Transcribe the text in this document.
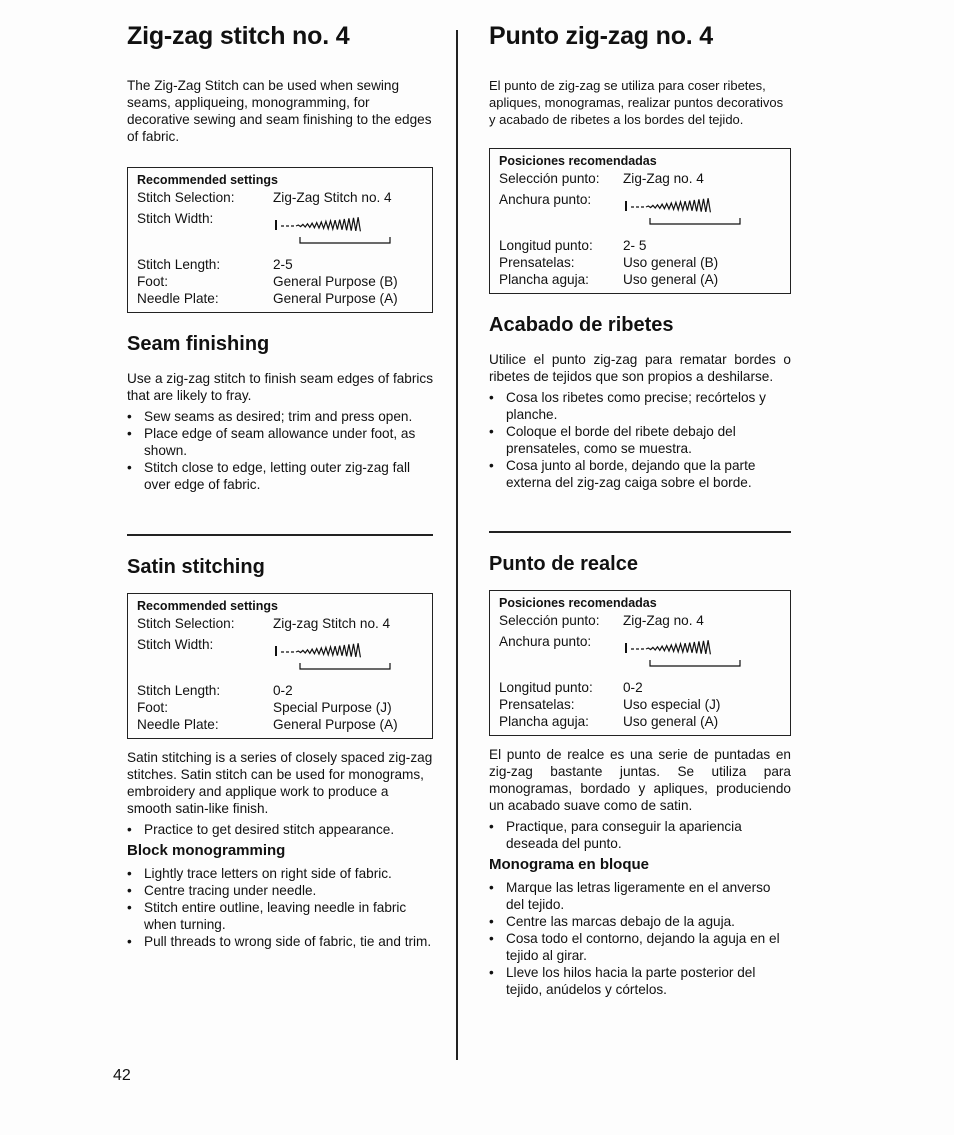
Zig-zag stitch no. 4

The Zig-Zag Stitch can be used when sewing seams, appliqueing, monogramming, for decorative sewing and seam finishing to the edges of fabric.

Recommended settings
Stitch Selection:	Zig-Zag Stitch no. 4
Stitch Width:
Stitch Length:	2-5
Foot:	General Purpose (B)
Needle Plate:	General Purpose (A)
Seam finishing

Use a zig-zag stitch to finish seam edges of fabrics that are likely to fray.

• Sew seams as desired; trim and press open.
• Place edge of seam allowance under foot, as shown.
• Stitch close to edge, letting outer zig-zag fall over edge of fabric.
Satin stitching
Recommended settings
Stitch Selection:	Zig-zag Stitch no. 4
Stitch Width:
Stitch Length:	0-2
Foot:	Special Purpose (J)
Needle Plate:	General Purpose (A)

Satin stitching is a series of closely spaced zig-zag stitches. Satin stitch can be used for monograms, embroidery and applique work to produce a smooth satin-like finish.

• Practice to get desired stitch appearance.
Block monogramming
• Lightly trace letters on right side of fabric.
• Centre tracing under needle.
• Stitch entire outline, leaving needle in fabric when turning.
• Pull threads to wrong side of fabric, tie and trim.
Punto zig-zag no. 4

El punto de zig-zag se utiliza para coser ribetes, apliques, monogramas, realizar puntos decorativos y acabado de ribetes a los bordes del tejido.

Posiciones recomendadas
Selección punto:	Zig-Zag no. 4
Anchura punto:
Longitud punto:	2- 5
Prensatelas:	Uso general (B)
Plancha aguja:	Uso general (A)
Acabado de ribetes

Utilice el punto zig-zag para rematar bordes o ribetes de tejidos que son propios a deshilarse.

• Cosa los ribetes como precise; recórtelos y planche.
• Coloque el borde del ribete debajo del prensateles, como se muestra.
• Cosa junto al borde, dejando que la parte externa del zig-zag caiga sobre el borde.
Punto de realce
Posiciones recomendadas
Selección punto:	Zig-Zag no. 4
Anchura punto:
Longitud punto:	0-2
Prensatelas:	Uso especial (J)
Plancha aguja:	Uso general (A)

El punto de realce es una serie de puntadas en zig-zag bastante juntas. Se utiliza para monogramas, bordado y apliques, produciendo un acabado suave como de satin.

• Practique, para conseguir la apariencia deseada del punto.
Monograma en bloque
• Marque las letras ligeramente en el anverso del tejido.
• Centre las marcas debajo de la aguja.
• Cosa todo el contorno, dejando la aguja en el tejido al girar.
• Lleve los hilos hacia la parte posterior del tejido, anúdelos y córtelos.
42
